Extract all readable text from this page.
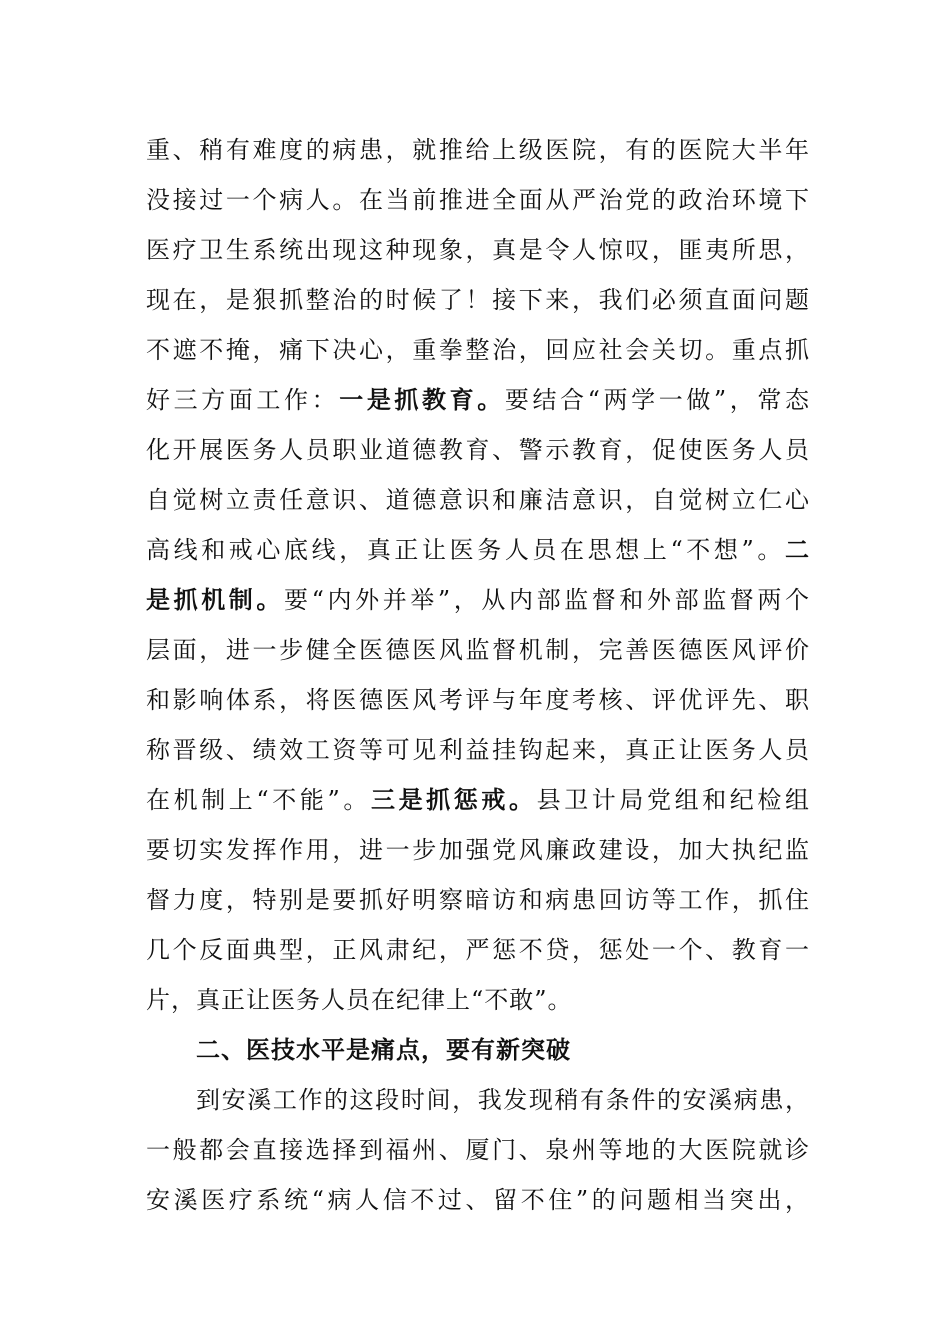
重、稍有难度的病患，就推给上级医院，有的医院大半年
没接过一个病人。在当前推进全面从严治党的政治环境下
医疗卫生系统出现这种现象，真是令人惊叹，匪夷所思，
现在，是狠抓整治的时候了！接下来，我们必须直面问题
不遮不掩，痛下决心，重拳整治，回应社会关切。重点抓
好三方面工作：一是抓教育。要结合“两学一做”，常态
化开展医务人员职业道德教育、警示教育，促使医务人员
自觉树立责任意识、道德意识和廉洁意识，自觉树立仁心
高线和戒心底线，真正让医务人员在思想上“不想”。二
是抓机制。要“内外并举”，从内部监督和外部监督两个
层面，进一步健全医德医风监督机制，完善医德医风评价
和影响体系，将医德医风考评与年度考核、评优评先、职
称晋级、绩效工资等可见利益挂钩起来，真正让医务人员
在机制上“不能”。三是抓惩戒。县卫计局党组和纪检组
要切实发挥作用，进一步加强党风廉政建设，加大执纪监
督力度，特别是要抓好明察暗访和病患回访等工作，抓住
几个反面典型，正风肃纪，严惩不贷，惩处一个、教育一
片，真正让医务人员在纪律上“不敢”。
二、医技水平是痛点，要有新突破
到安溪工作的这段时间，我发现稍有条件的安溪病患，
一般都会直接选择到福州、厦门、泉州等地的大医院就诊
安溪医疗系统“病人信不过、留不住”的问题相当突出，
